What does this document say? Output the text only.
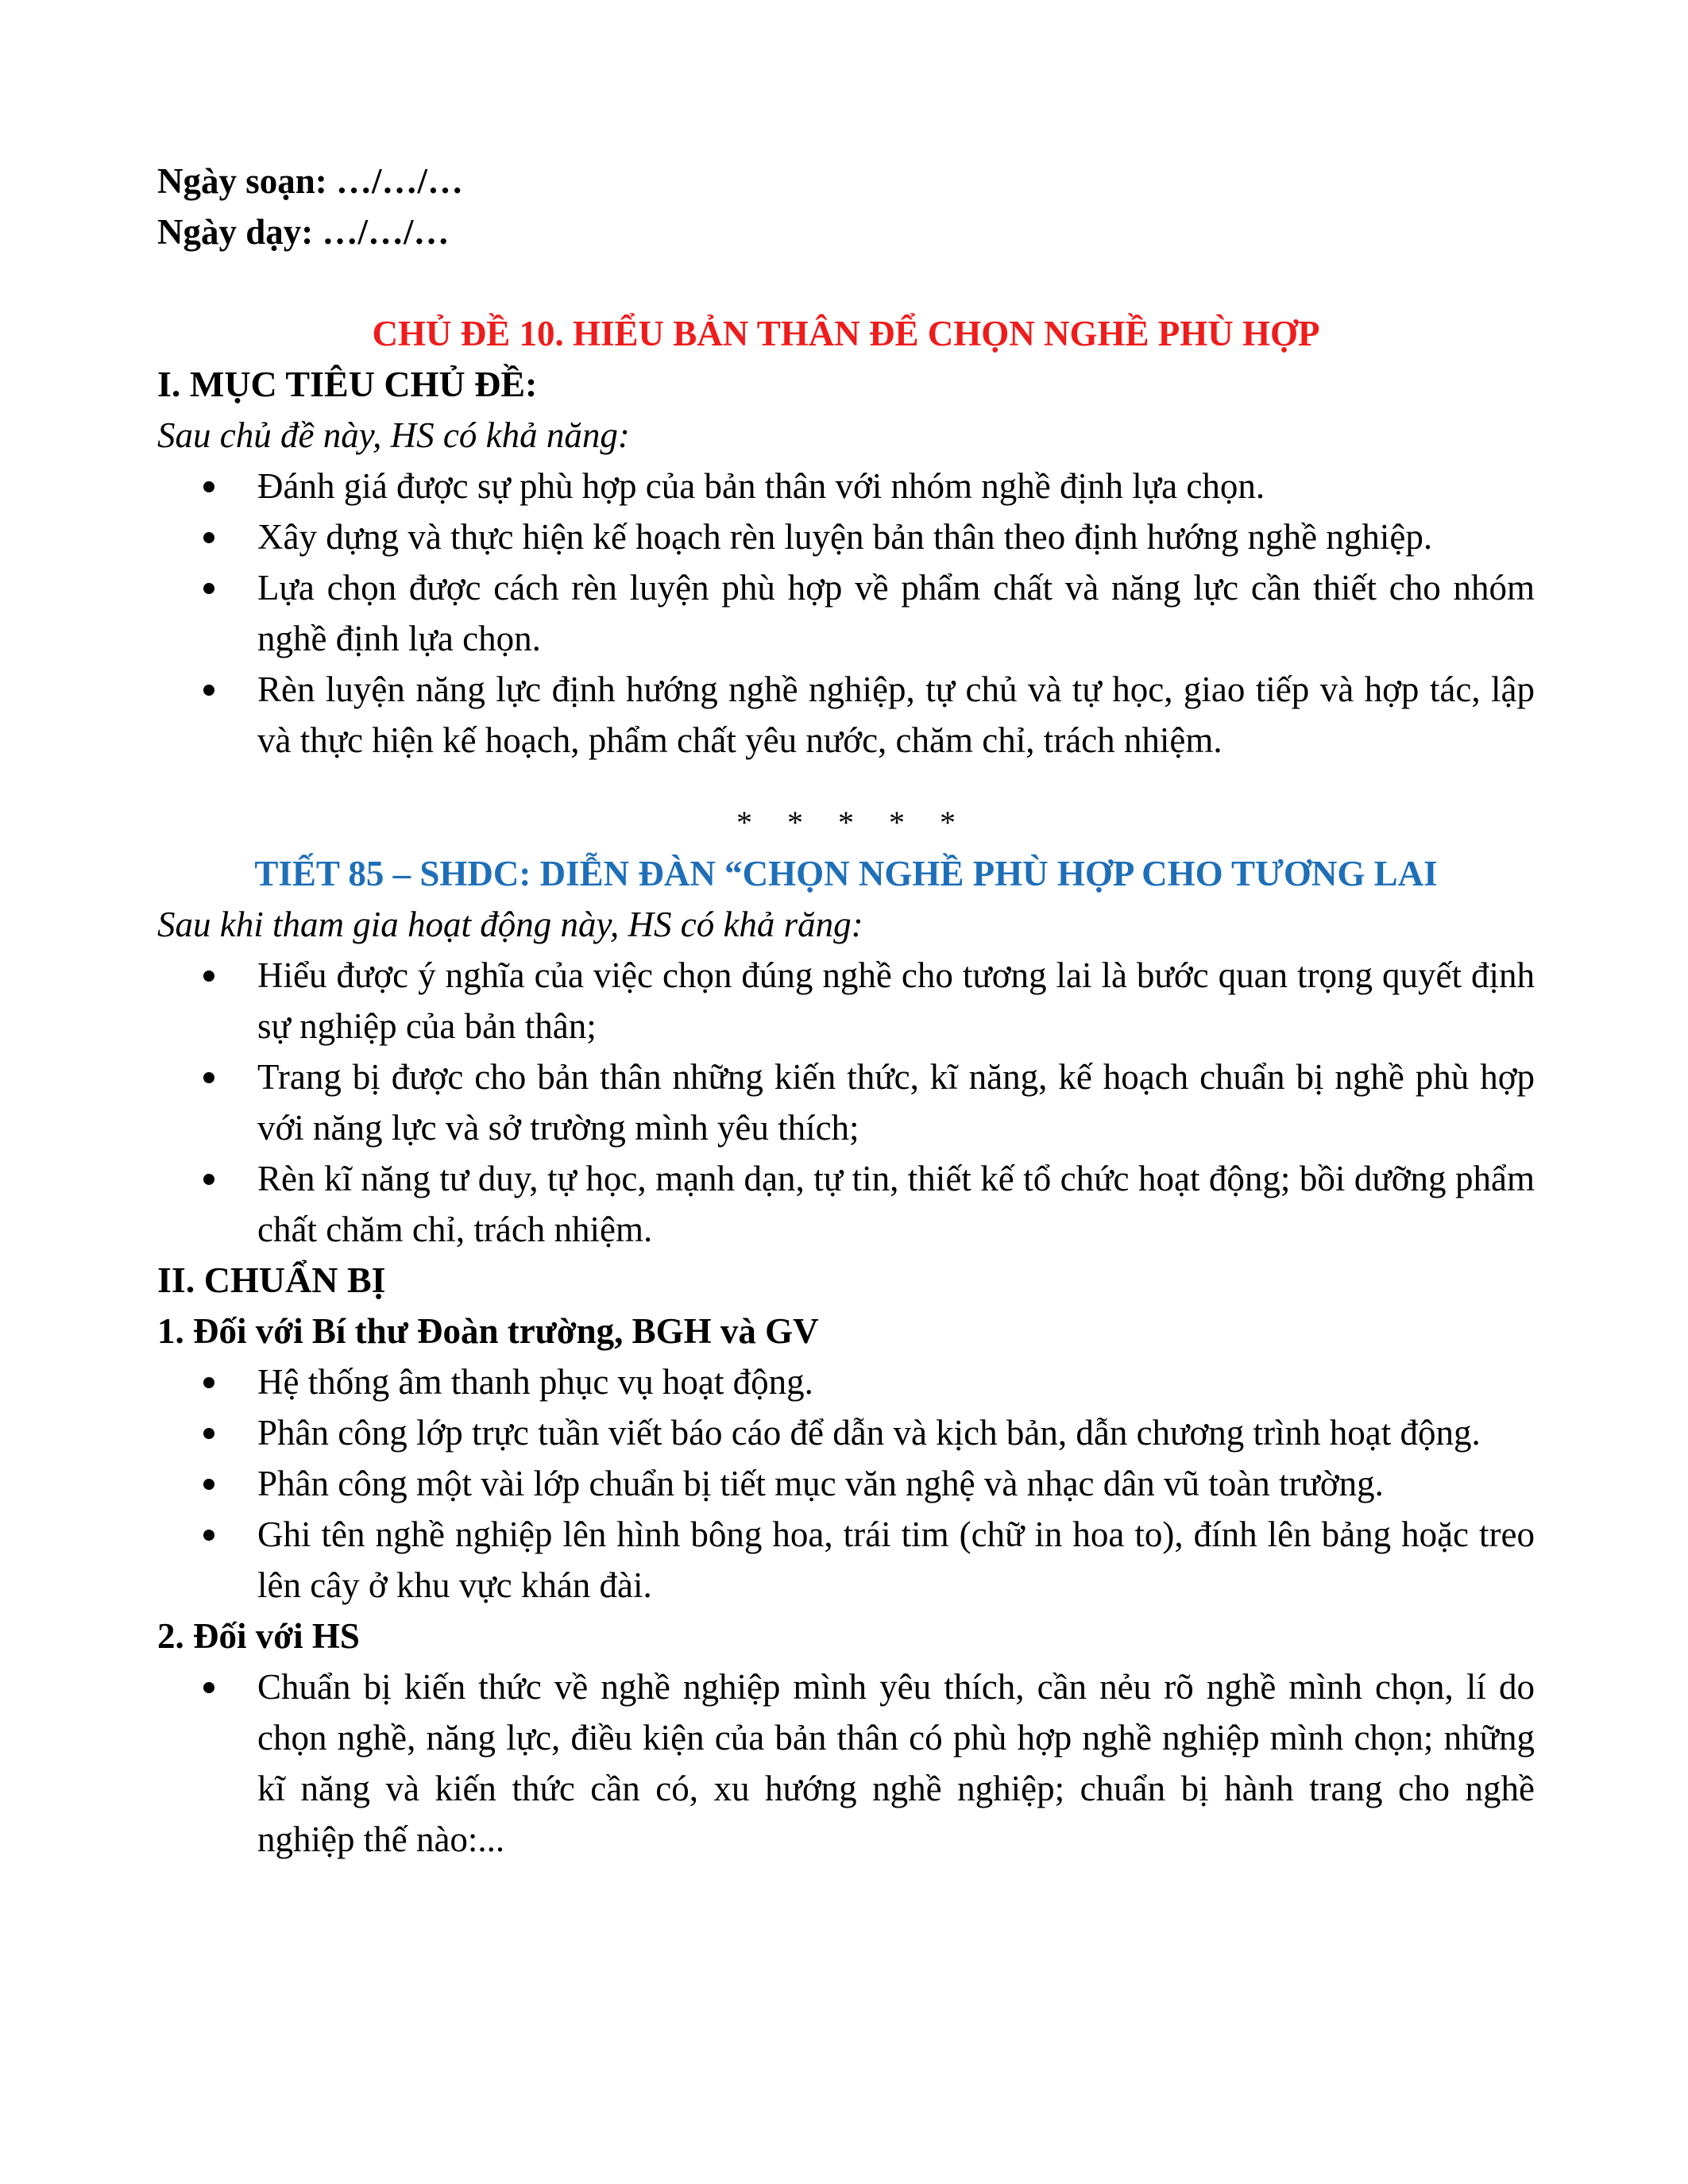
Ngày soạn: …/…/…

Ngày dạy: …/…/…

CHỦ ĐỀ 10. HIỂU BẢN THÂN ĐỂ CHỌN NGHỀ PHÙ HỢP

I. MỤC TIÊU CHỦ ĐỀ:

Sau chủ đề này, HS có khả năng:

Đánh giá được sự phù hợp của bản thân với nhóm nghề định lựa chọn.
Xây dựng và thực hiện kế hoạch rèn luyện bản thân theo định hướng nghề nghiệp.
Lựa chọn được cách rèn luyện phù hợp về phẩm chất và năng lực cần thiết cho nhóm nghề định lựa chọn.
Rèn luyện năng lực định hướng nghề nghiệp, tự chủ và tự học, giao tiếp và hợp tác, lập và thực hiện kế hoạch, phẩm chất yêu nước, chăm chỉ, trách nhiệm.

* * * * *

TIẾT 85 – SHDC: DIỄN ĐÀN “CHỌN NGHỀ PHÙ HỢP CHO TƯƠNG LAI

Sau khi tham gia hoạt động này, HS có khả răng:

Hiểu được ý nghĩa của việc chọn đúng nghề cho tương lai là bước quan trọng quyết định sự nghiệp của bản thân;
Trang bị được cho bản thân những kiến thức, kĩ năng, kế hoạch chuẩn bị nghề phù hợp với năng lực và sở trường mình yêu thích;
Rèn kĩ năng tư duy, tự học, mạnh dạn, tự tin, thiết kế tổ chức hoạt động; bồi dưỡng phẩm chất chăm chỉ, trách nhiệm.

II. CHUẨN BỊ

1. Đối với Bí thư Đoàn trường, BGH và GV

Hệ thống âm thanh phục vụ hoạt động.
Phân công lớp trực tuần viết báo cáo để dẫn và kịch bản, dẫn chương trình hoạt động.
Phân công một vài lớp chuẩn bị tiết mục văn nghệ và nhạc dân vũ toàn trường.
Ghi tên nghề nghiệp lên hình bông hoa, trái tim (chữ in hoa to), đính lên bảng hoặc treo lên cây ở khu vực khán đài.

2. Đối với HS

Chuẩn bị kiến thức về nghề nghiệp mình yêu thích, cần nẻu rõ nghề mình chọn, lí do chọn nghề, năng lực, điều kiện của bản thân có phù hợp nghề nghiệp mình chọn; những kĩ năng và kiến thức cần có, xu hướng nghề nghiệp; chuẩn bị hành trang cho nghề nghiệp thế nào:...
